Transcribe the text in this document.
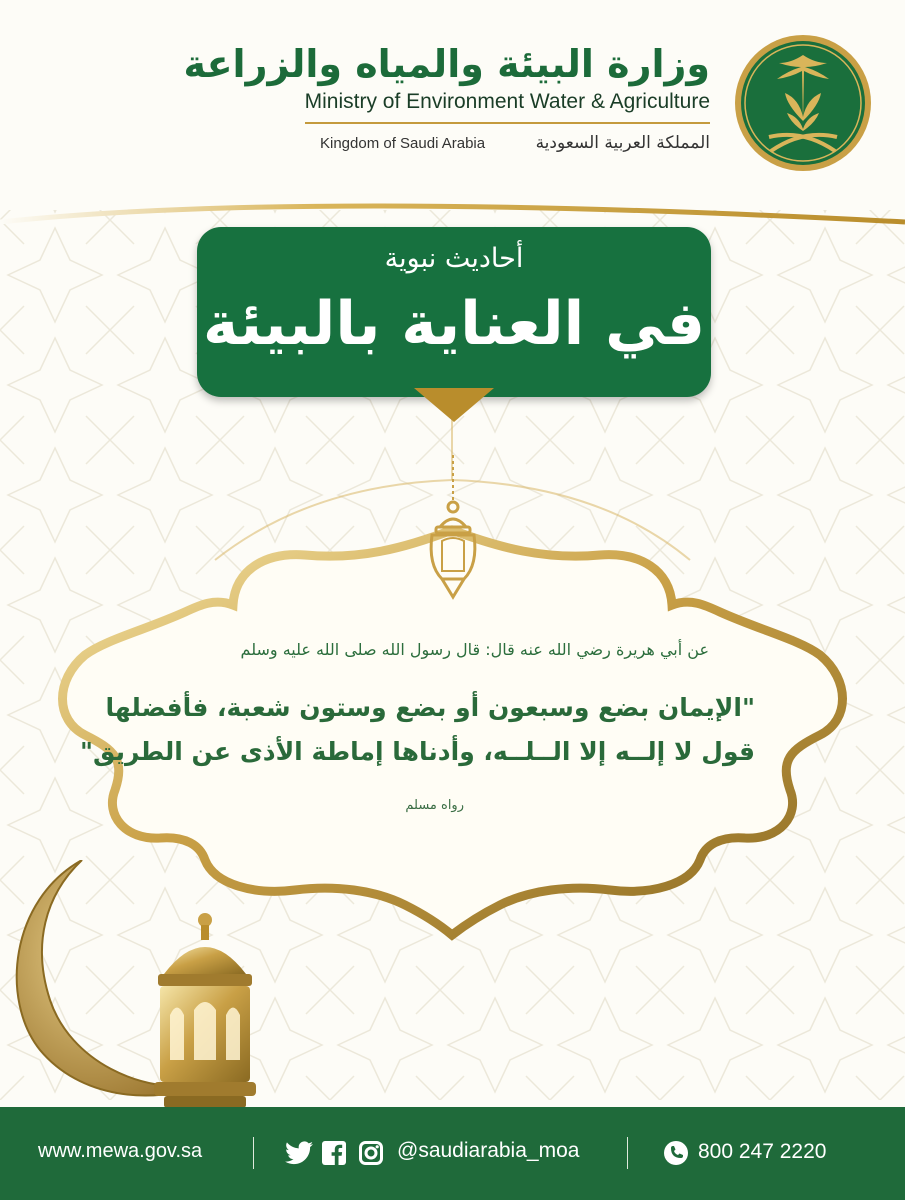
وزارة البيئة والمياه والزراعة
Ministry of Environment Water & Agriculture
Kingdom of Saudi Arabia	المملكة العربية السعودية
أحاديث نبوية
في العناية بالبيئة
عن أبي هريرة رضي الله عنه قال: قال رسول الله صلى الله عليه وسلم
"الإيمان بضع وسبعون أو بضع وستون شعبة، فأفضلها
قول لا إلــه إلا الــلــه، وأدناها إماطة الأذى عن الطريق"
رواه مسلم
www.mewa.gov.sa	@saudiarabia_moa	800 247 2220
